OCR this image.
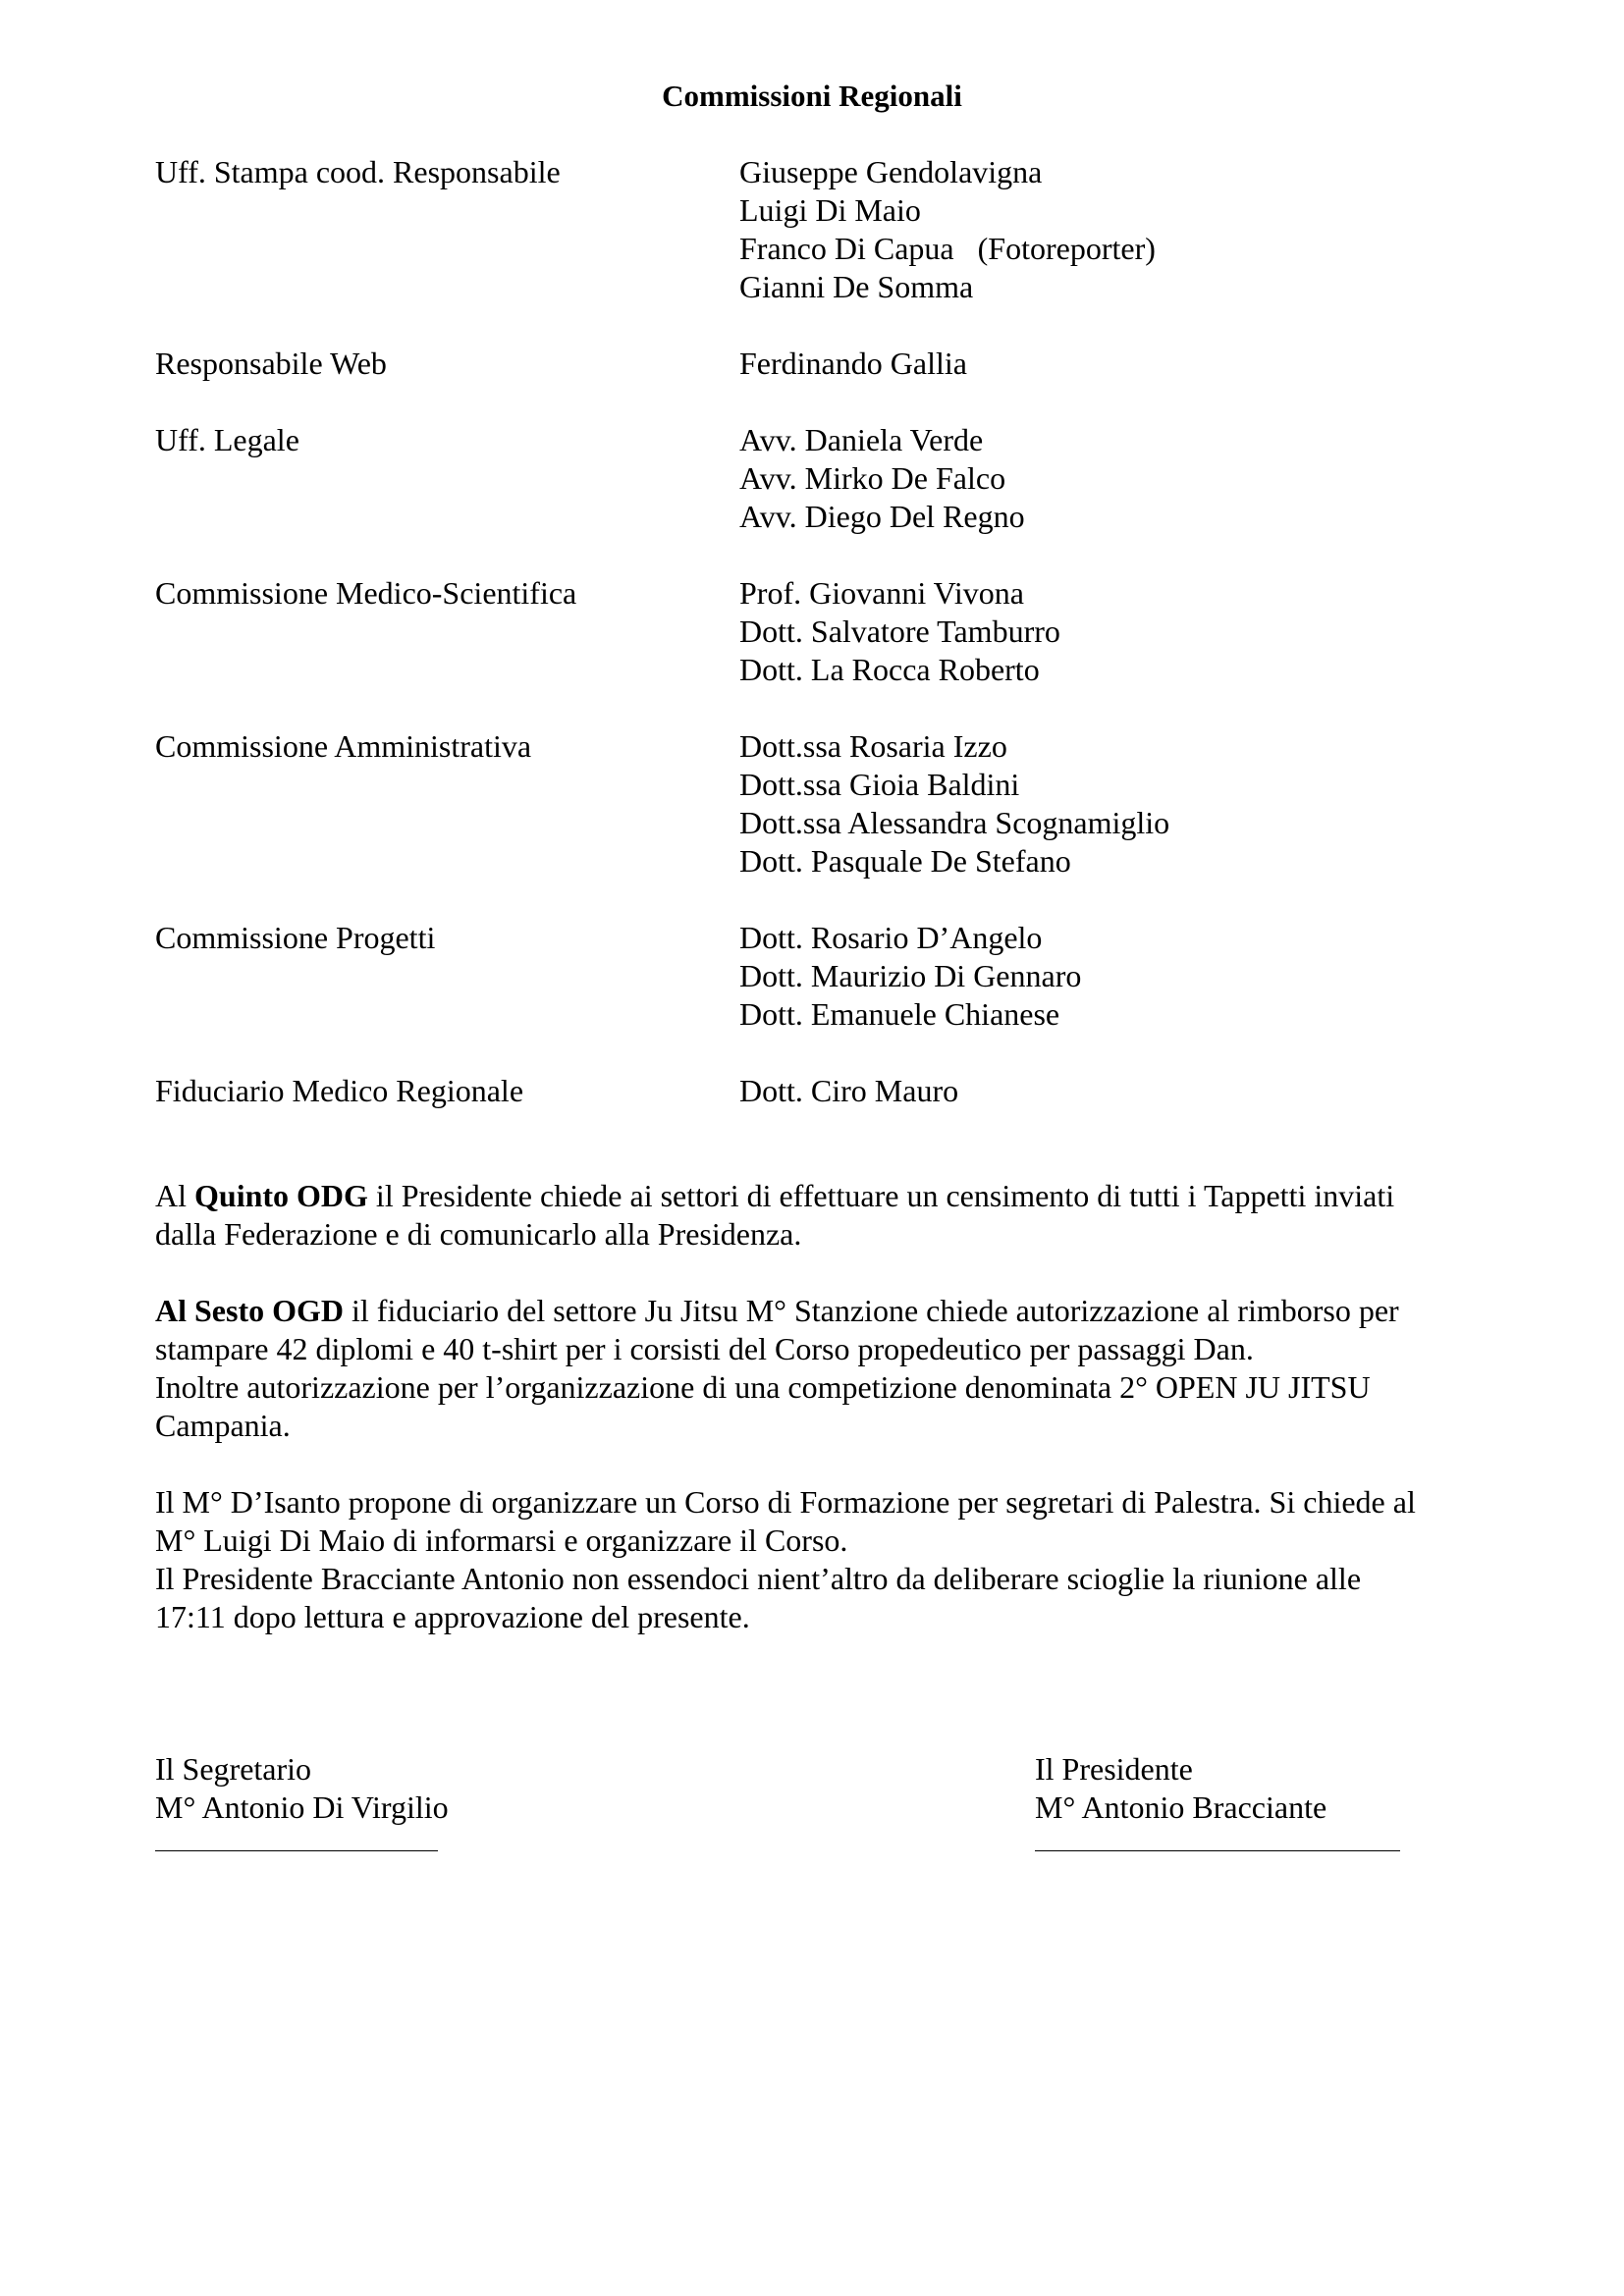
Commissioni Regionali
Uff. Stampa cood. Responsabile	Giuseppe Gendolavigna
Luigi Di Maio
Franco Di Capua   (Fotoreporter)
Gianni De Somma
Responsabile Web	Ferdinando Gallia
Uff. Legale	Avv. Daniela Verde
Avv. Mirko De Falco
Avv. Diego Del Regno
Commissione Medico-Scientifica	Prof. Giovanni Vivona
Dott. Salvatore Tamburro
Dott. La Rocca Roberto
Commissione Amministrativa	Dott.ssa Rosaria Izzo
Dott.ssa Gioia Baldini
Dott.ssa Alessandra Scognamiglio
Dott. Pasquale De Stefano
Commissione Progetti	Dott. Rosario D’Angelo
Dott. Maurizio Di Gennaro
Dott. Emanuele Chianese
Fiduciario Medico Regionale	Dott. Ciro Mauro

Al Quinto ODG il Presidente chiede ai settori di effettuare un censimento di tutti i Tappetti inviati
dalla Federazione e di comunicarlo alla Presidenza.

Al Sesto OGD il fiduciario del settore Ju Jitsu M° Stanzione chiede autorizzazione al rimborso per
stampare 42 diplomi e 40 t-shirt per i corsisti del Corso propedeutico per passaggi Dan.
Inoltre autorizzazione per l’organizzazione di una competizione denominata 2° OPEN JU JITSU
Campania.

Il M° D’Isanto propone di organizzare un Corso di Formazione per segretari di Palestra. Si chiede al
M° Luigi Di Maio di informarsi e organizzare il Corso.

Il Presidente Bracciante Antonio non essendoci nient’altro da deliberare scioglie la riunione alle
17:11 dopo lettura e approvazione del presente.

Il Segretario
M° Antonio Di Virgilio
Il Presidente
M° Antonio Bracciante
